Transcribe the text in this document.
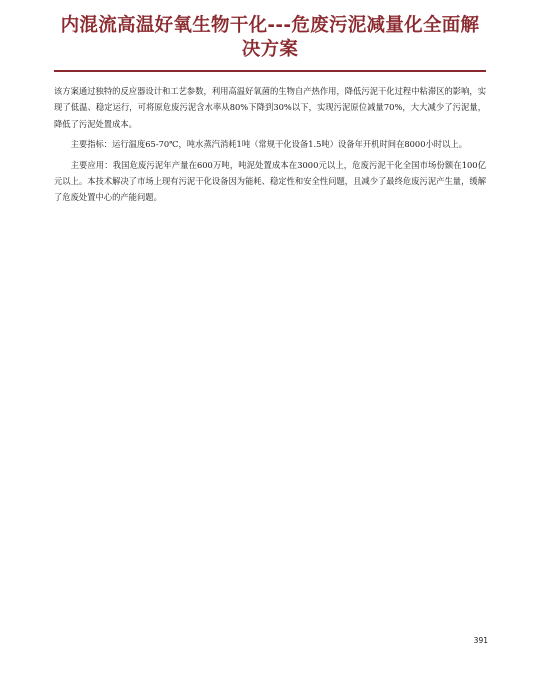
内混流高温好氧生物干化---危废污泥减量化全面解决方案

该方案通过独特的反应器设计和工艺参数，利用高温好氧菌的生物自产热作用，降低污泥干化过程中粘滞区的影响，实现了低温、稳定运行，可将原危废污泥含水率从80%下降到30%以下，实现污泥原位减量70%，大大减少了污泥量， 降低了污泥处置成本。

主要指标：运行温度65-70℃，吨水蒸汽消耗1吨（常规干化设备1.5吨）设备年开机时间在8000小时以上。

主要应用：我国危废污泥年产量在600万吨，吨泥处置成本在3000元以上，危废污泥干化全国市场份额在100亿元以上。本技术解决了市场上现有污泥干化设备因为能耗、稳定性和安全性问题，且减少了最终危废污泥产生量，缓解了危废处置中心的产能问题。

391
